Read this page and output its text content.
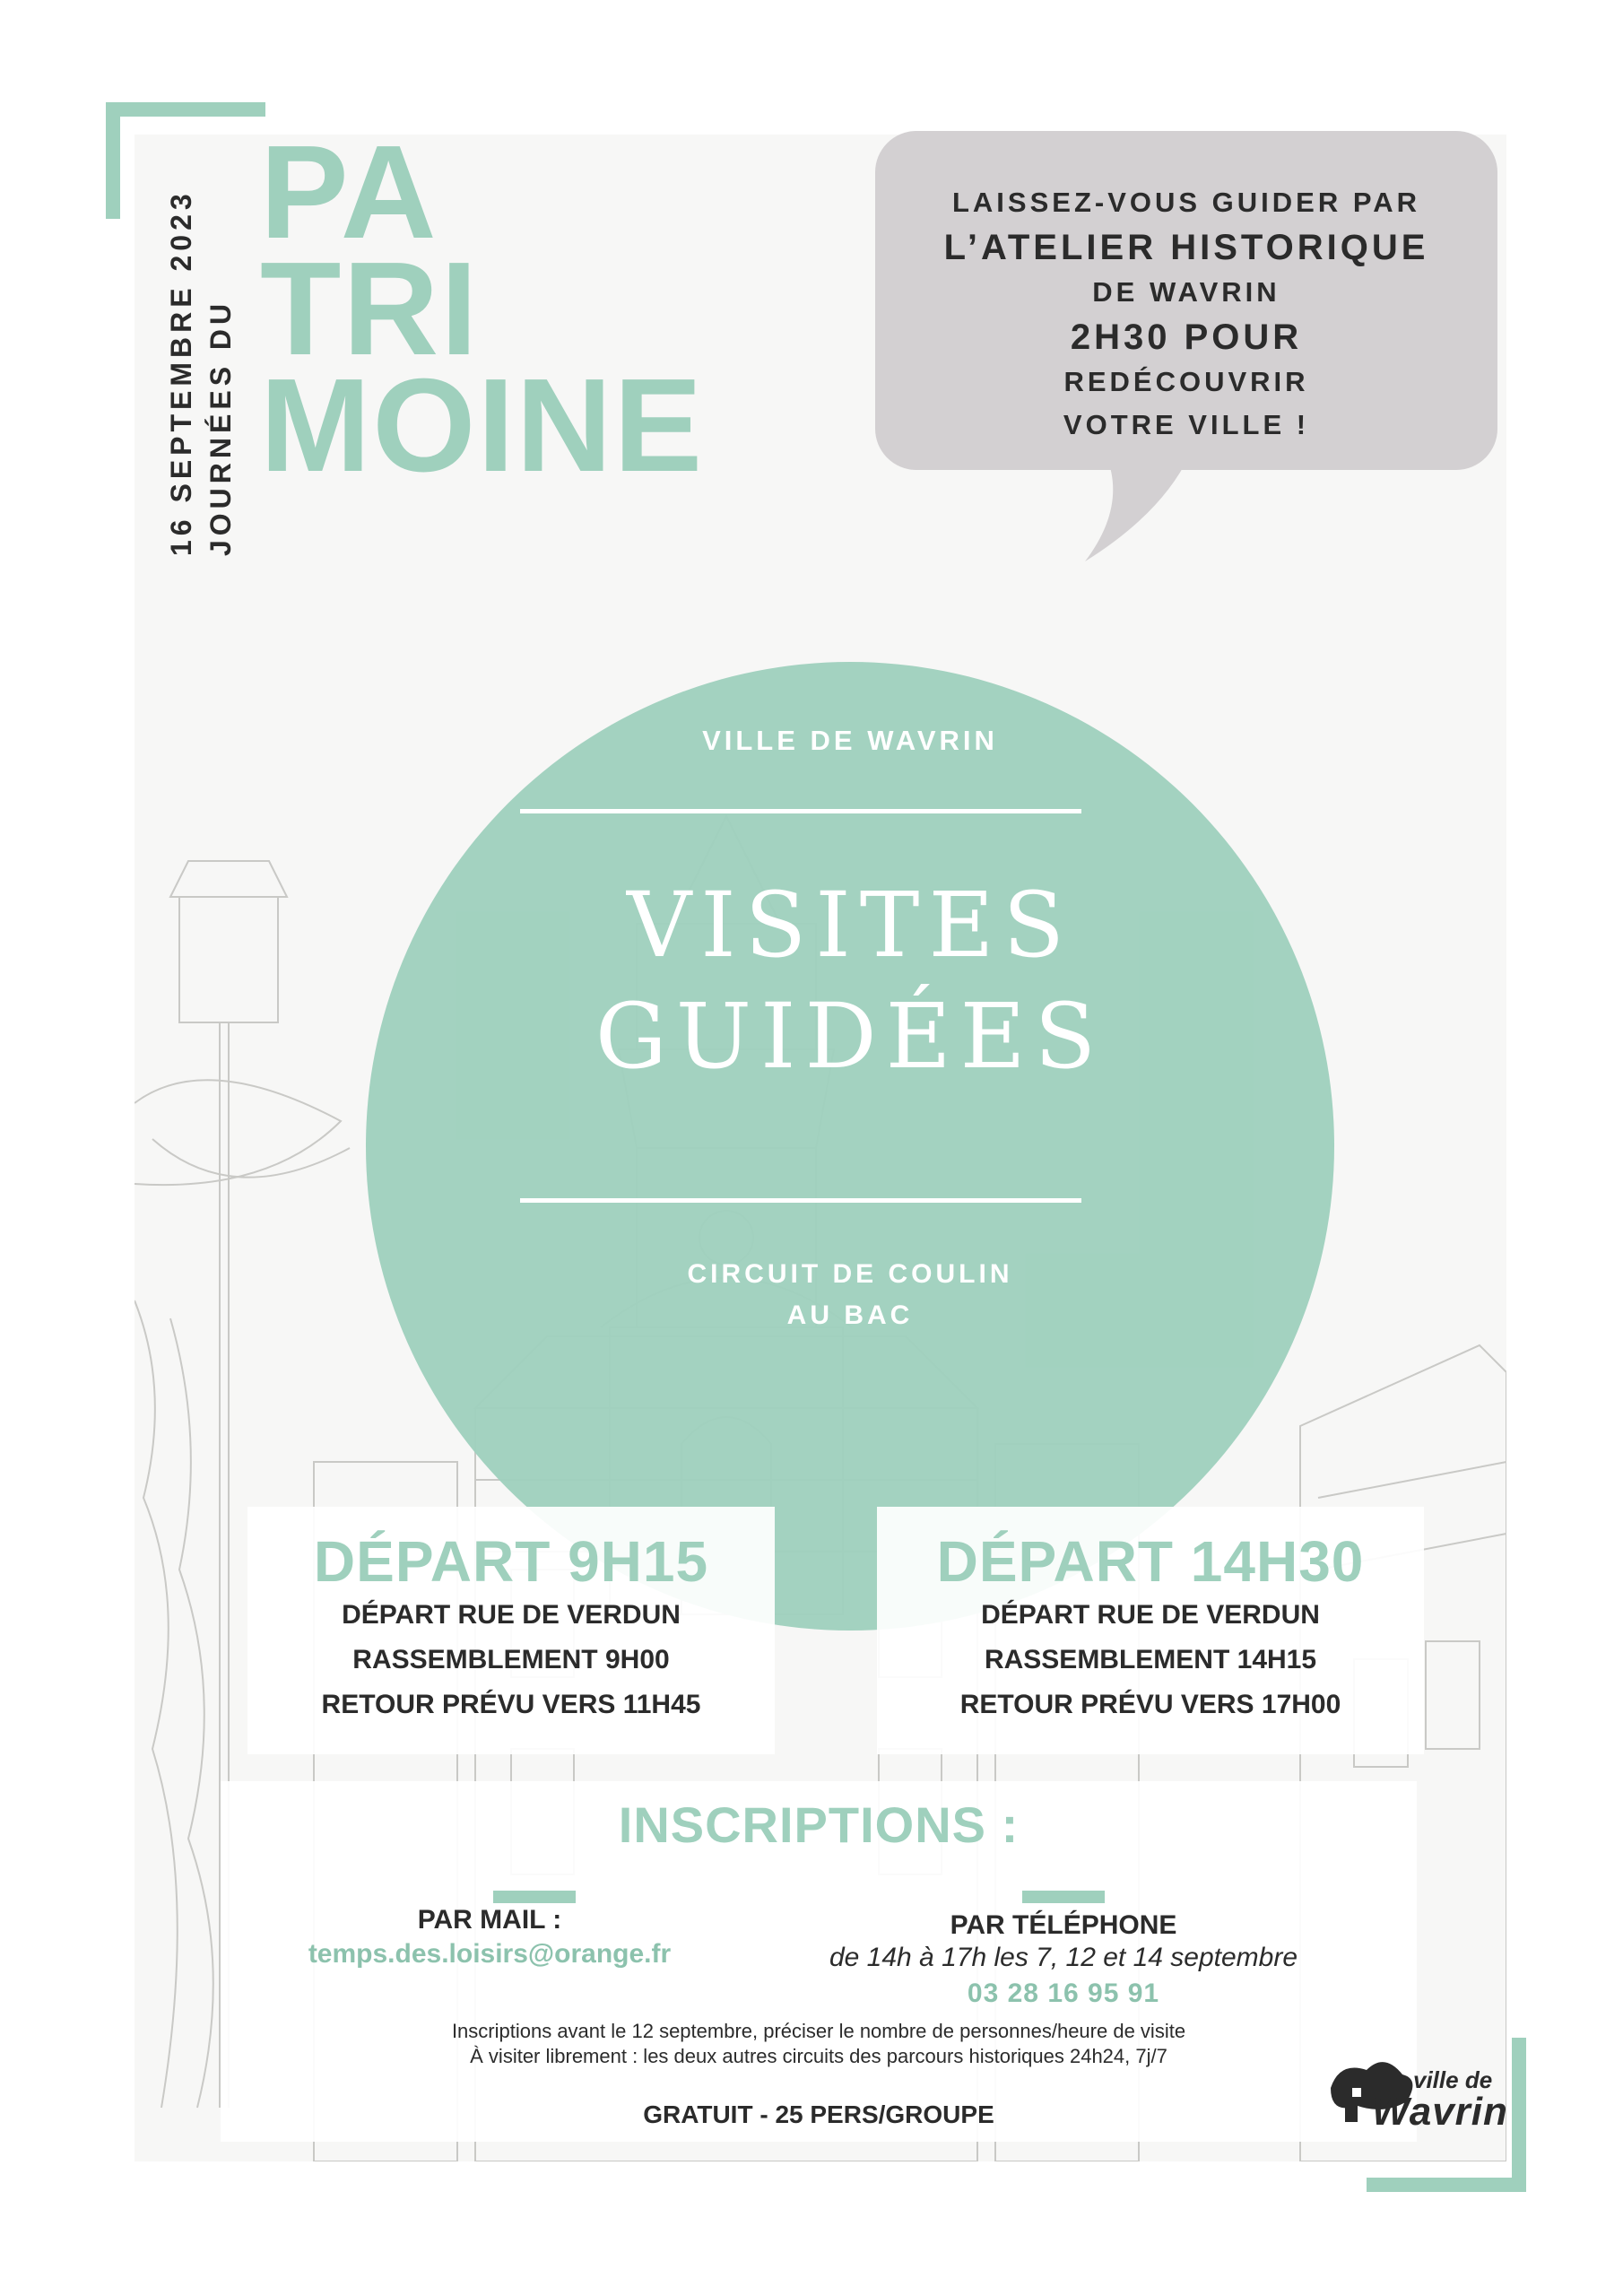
16 SEPTEMBRE 2023 JOURNÉES DU
PA
TRI
MOINE
LAISSEZ-VOUS GUIDER PAR
L’ATELIER HISTORIQUE
DE WAVRIN
2H30 POUR
REDÉCOUVRIR
VOTRE VILLE !
VILLE DE WAVRIN
VISITES
GUIDÉES
CIRCUIT DE COULIN
AU BAC
DÉPART 9H15
DÉPART RUE DE VERDUN
RASSEMBLEMENT 9H00
RETOUR PRÉVU VERS 11H45
DÉPART 14H30
DÉPART RUE DE VERDUN
RASSEMBLEMENT 14H15
RETOUR PRÉVU VERS 17H00
INSCRIPTIONS :
PAR MAIL :
temps.des.loisirs@orange.fr
PAR TÉLÉPHONE
de 14h à 17h les 7, 12 et 14 septembre
03 28 16 95 91
Inscriptions avant le 12 septembre, préciser le nombre de personnes/heure de visite
À visiter librement : les deux autres circuits des parcours historiques 24h24, 7j/7
GRATUIT - 25 PERS/GROUPE
ville de
Wavrin
